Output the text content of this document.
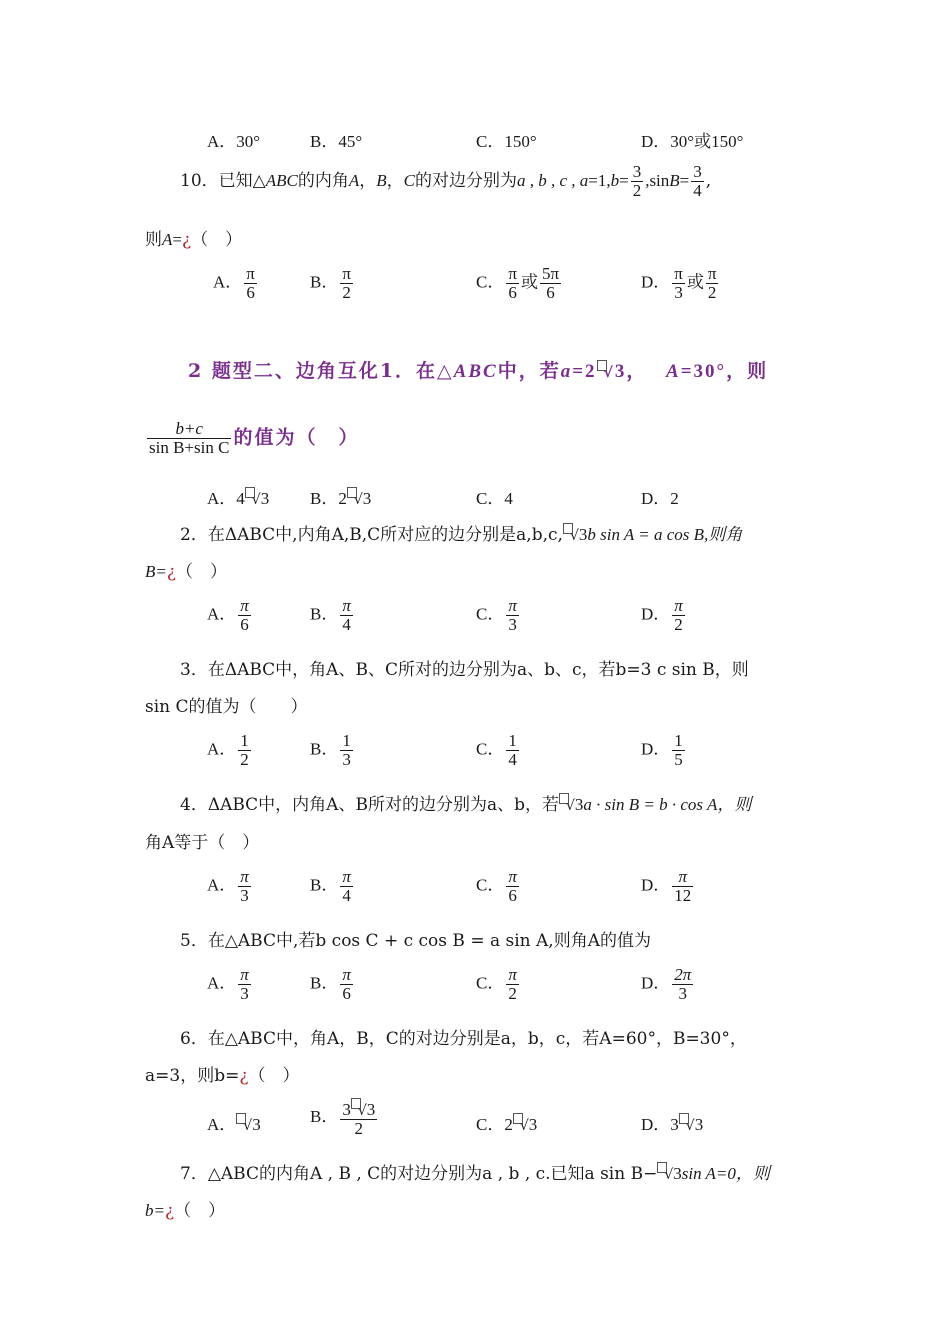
A．30°	B．45°	C．150°	D．30°或150°
10．已知△ABC的内角A，B，C的对边分别为a , b , c , $a=1,b= \frac{3}{2} ,\sin B= \frac{3}{4}$ ,
则A=¿（　）
A． $\frac{\pi}{6}$	B． $\frac{\pi}{2}$	C． $\frac{\pi}{6}$ 或 $\frac{5\pi}{6}$	D． $\frac{\pi}{3}$ 或 $\frac{\pi}{2}$
2 题型二、边角互化1．在△ABC中，若a=2 √3， A=30°，则
$\frac{b+c}{\text{sin B+sin C}}$ 的值为（　）
A．4 √3 B．2 √3	C．4	D．2
2．在ΔABC中,内角A,B,C所对应的边分别是a,b,c, √3b sin A = a cos B,则角
B=¿（　）
A． $\frac{\pi}{6}$	B． $\frac{\pi}{4}$	C． $\frac{\pi}{3}$	D． $\frac{\pi}{2}$
3．在ΔABC中，角A、B、C所对的边分别为a、b、c，若b=3 c sin B，则
sin C的值为（　　）
A． $\frac{1}{2}$	B． $\frac{1}{3}$	C． $\frac{1}{4}$	D． $\frac{1}{5}$
4．ΔABC中，内角A、B所对的边分别为a、b，若 √3a · sin B = b · cos A，则
角A等于（　）
A． $\frac{\pi}{3}$	B． $\frac{\pi}{4}$	C． $\frac{\pi}{6}$	D． $\frac{\pi}{12}$
5．在△ABC中,若b cos C + c cos B = a sin A,则角A的值为
A． $\frac{\pi}{3}$	B． $\frac{\pi}{6}$	C． $\frac{\pi}{2}$	D． $\frac{2\pi}{3}$
6．在△ABC中，角A，B，C的对边分别是a，b，c，若A=60°，B=30°，
a=3，则b=¿（　）
A． √3	B． $\frac{3 √3}{2}$	C．2 √3	D．3 √3
7．△ABC的内角A , B , C的对边分别为a , b , c.已知a sin B− √3sin A=0，则
b=¿（　）
